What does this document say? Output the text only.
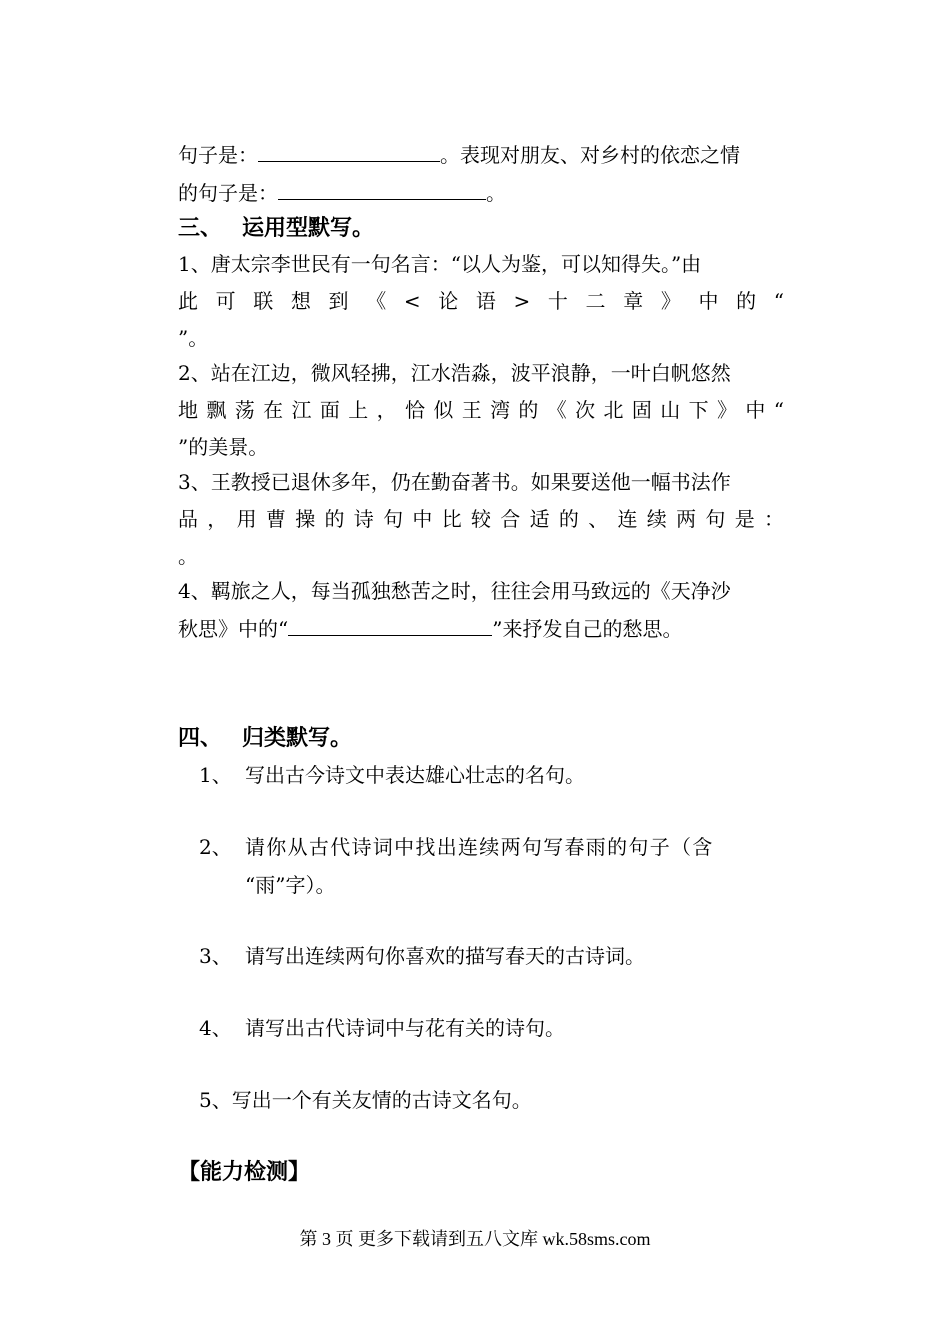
句子是：	。表现对朋友、对乡村的依恋之情
的句子是：	。
三、 运用型默写。
1、唐太宗李世民有一句名言：“以人为鉴，可以知得失。”由
此可联想到《<论语>十二章》中的“
”。
2、站在江边，微风轻拂，江水浩淼，波平浪静，一叶白帆悠然
地飘荡在江面上，恰似王湾的《次北固山下》中“
”的美景。
3、王教授已退休多年，仍在勤奋著书。如果要送他一幅书法作
品，用曹操的诗句中比较合适的、连续两句是：
。
4、羁旅之人，每当孤独愁苦之时，往往会用马致远的《天净沙
秋思》中的“	”来抒发自己的愁思。
四、 归类默写。
1、 写出古今诗文中表达雄心壮志的名句。
2、 请你从古代诗词中找出连续两句写春雨的句子（含
“雨”字）。
3、 请写出连续两句你喜欢的描写春天的古诗词。
4、 请写出古代诗词中与花有关的诗句。
5、写出一个有关友情的古诗文名句。
【能力检测】
第 3 页 更多下载请到五八文库 wk.58sms.com
